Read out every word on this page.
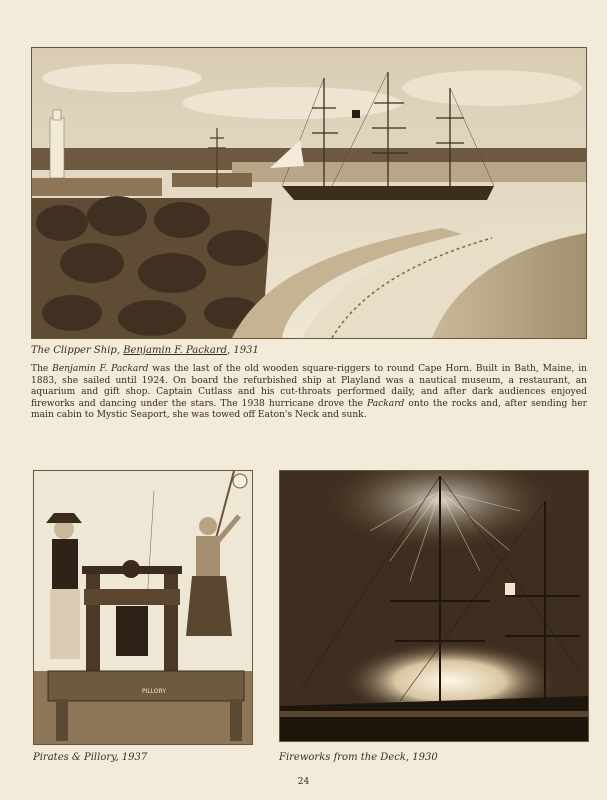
The Clipper Ship, Benjamin F. Packard, 1931
The Benjamin F. Packard was the last of the old wooden square-riggers to round Cape Horn. Built in Bath, Maine, in 1883, she sailed until 1924. On board the refurbished ship at Playland was a nautical museum, a restaurant, an aquarium and gift shop. Captain Cutlass and his cut-throats performed daily, and after dark audiences enjoyed fireworks and dancing under the stars. The 1938 hurricane drove the Packard onto the rocks and, after sending her main cabin to Mystic Seaport, she was towed off Eaton's Neck and sunk.
PILLORY
Pirates & Pillory, 1937	Fireworks from the Deck, 1930
24
